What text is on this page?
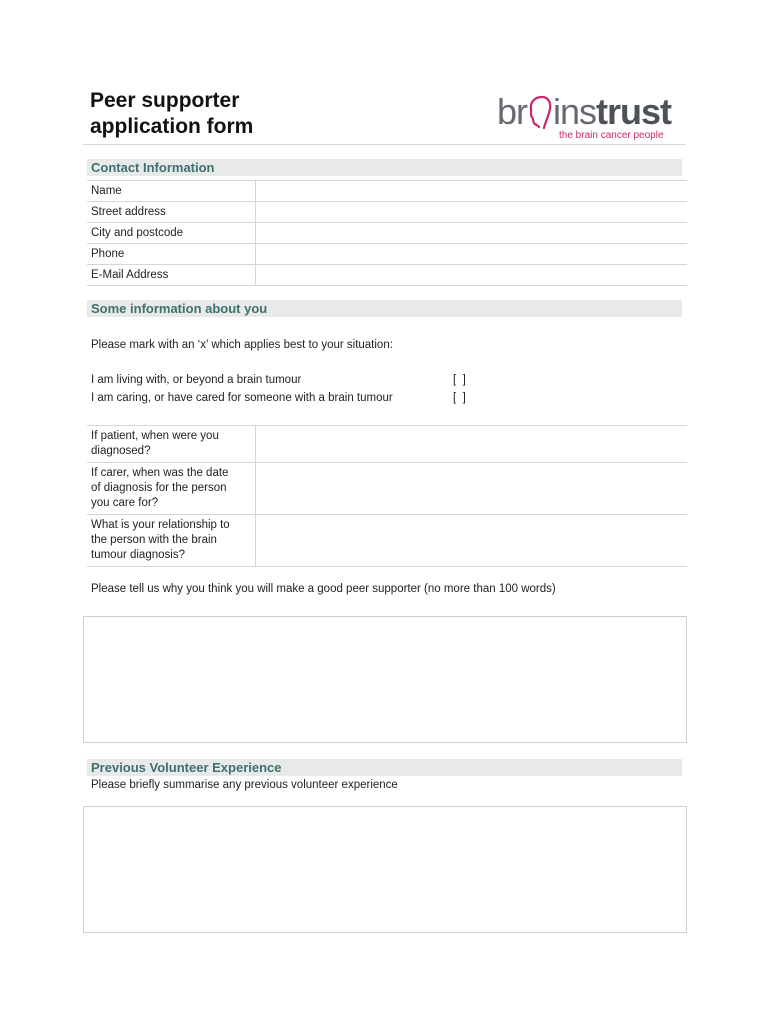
Peer supporter
application form	br instrust
the brain cancer people
Contact Information
Name	
Street address	
City and postcode	
Phone	
E-Mail Address	
Some information about you
Please mark with an ‘x’ which applies best to your situation:
I am living with, or beyond a brain tumour	[  ]
I am caring, or have cared for someone with a brain tumour	[  ]
If patient, when were you
diagnosed?	

If carer, when was the date
of diagnosis for the person
you care for?	

What is your relationship to
the person with the brain
tumour diagnosis?	

Please tell us why you think you will make a good peer supporter (no more than 100 words)
Previous Volunteer Experience
Please briefly summarise any previous volunteer experience
